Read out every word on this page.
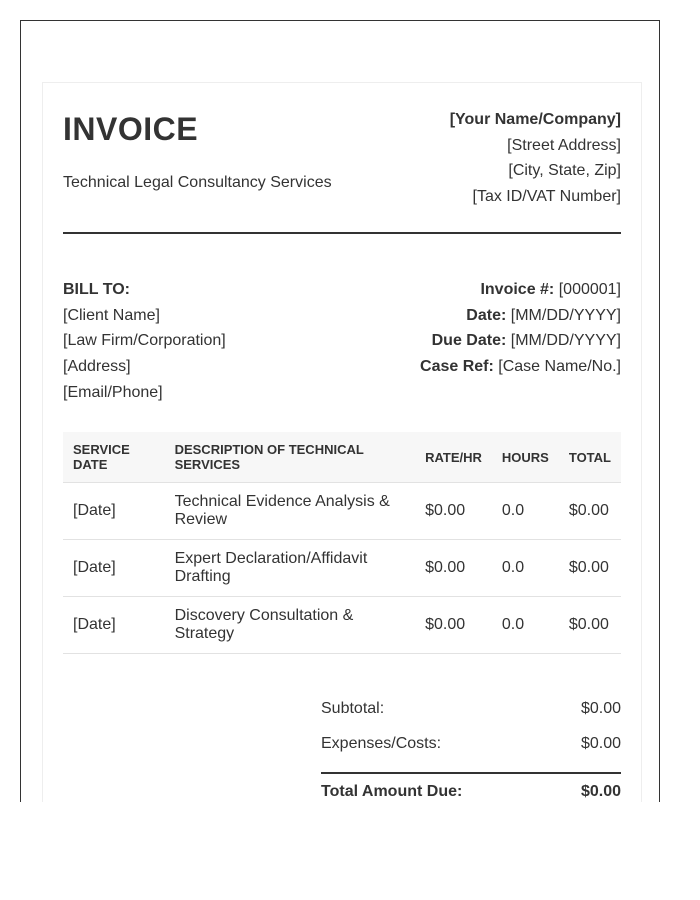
INVOICE
Technical Legal Consultancy Services
[Your Name/Company]
[Street Address]
[City, State, Zip]
[Tax ID/VAT Number]
BILL TO:
[Client Name]
[Law Firm/Corporation]
[Address]
[Email/Phone]
Invoice #: [000001]
Date: [MM/DD/YYYY]
Due Date: [MM/DD/YYYY]
Case Ref: [Case Name/No.]
SERVICE DATE	DESCRIPTION OF TECHNICAL SERVICES	RATE/HR	HOURS	TOTAL
[Date]	Technical Evidence Analysis & Review	$0.00	0.0	$0.00
[Date]	Expert Declaration/Affidavit Drafting	$0.00	0.0	$0.00
[Date]	Discovery Consultation & Strategy	$0.00	0.0	$0.00
Subtotal:	$0.00
Expenses/Costs:	$0.00
Total Amount Due:	$0.00
